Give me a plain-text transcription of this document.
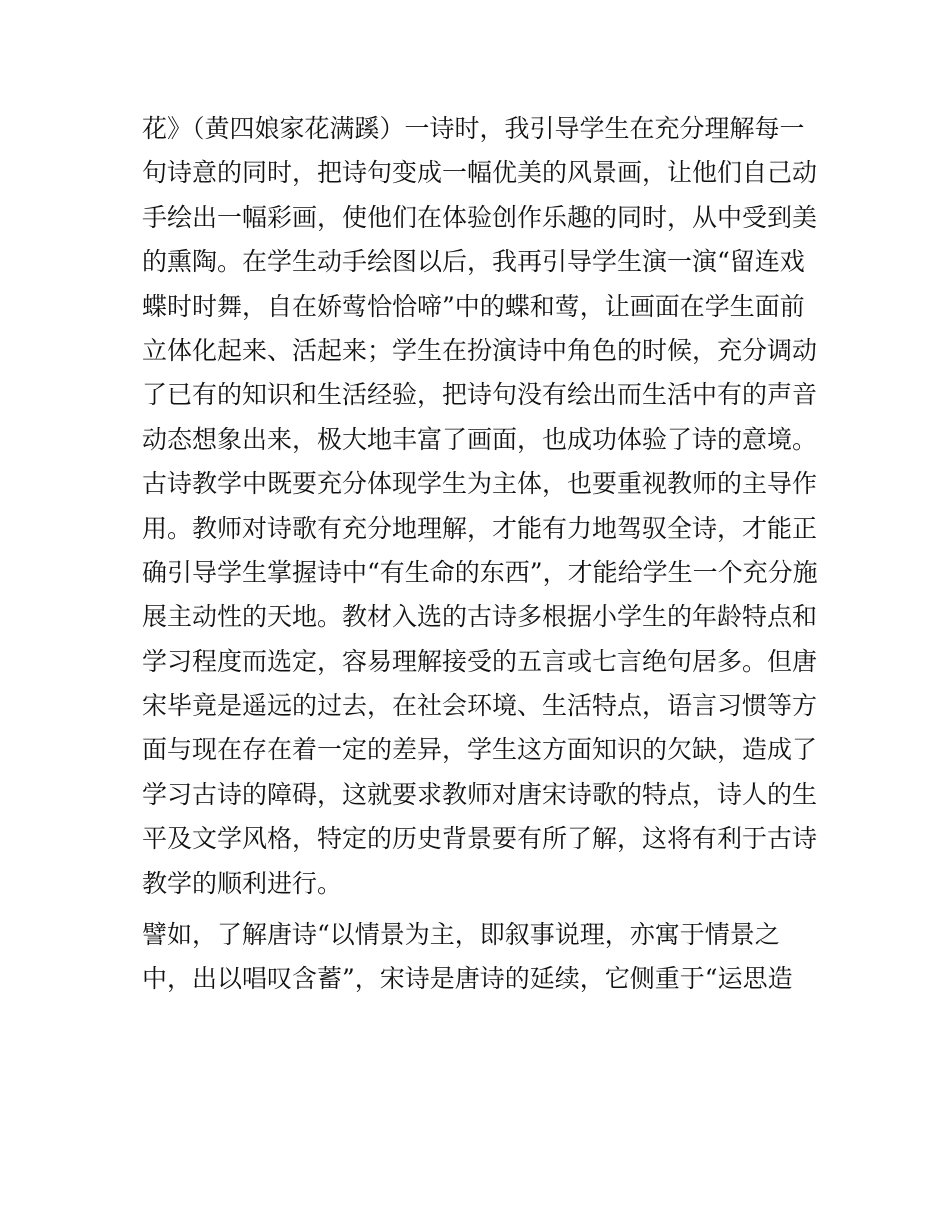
花》（黄四娘家花满蹊）一诗时，我引导学生在充分理解每一
句诗意的同时，把诗句变成一幅优美的风景画，让他们自己动
手绘出一幅彩画，使他们在体验创作乐趣的同时，从中受到美
的熏陶。在学生动手绘图以后，我再引导学生演一演“留连戏
蝶时时舞，自在娇莺恰恰啼”中的蝶和莺，让画面在学生面前
立体化起来、活起来；学生在扮演诗中角色的时候，充分调动
了已有的知识和生活经验，把诗句没有绘出而生活中有的声音
动态想象出来，极大地丰富了画面，也成功体验了诗的意境。
古诗教学中既要充分体现学生为主体，也要重视教师的主导作
用。教师对诗歌有充分地理解，才能有力地驾驭全诗，才能正
确引导学生掌握诗中“有生命的东西”，才能给学生一个充分施
展主动性的天地。教材入选的古诗多根据小学生的年龄特点和
学习程度而选定，容易理解接受的五言或七言绝句居多。但唐
宋毕竟是遥远的过去，在社会环境、生活特点，语言习惯等方
面与现在存在着一定的差异，学生这方面知识的欠缺，造成了
学习古诗的障碍，这就要求教师对唐宋诗歌的特点，诗人的生
平及文学风格，特定的历史背景要有所了解，这将有利于古诗
教学的顺利进行。
譬如，了解唐诗“以情景为主，即叙事说理，亦寓于情景之
中，出以唱叹含蓄”，宋诗是唐诗的延续，它侧重于“运思造
